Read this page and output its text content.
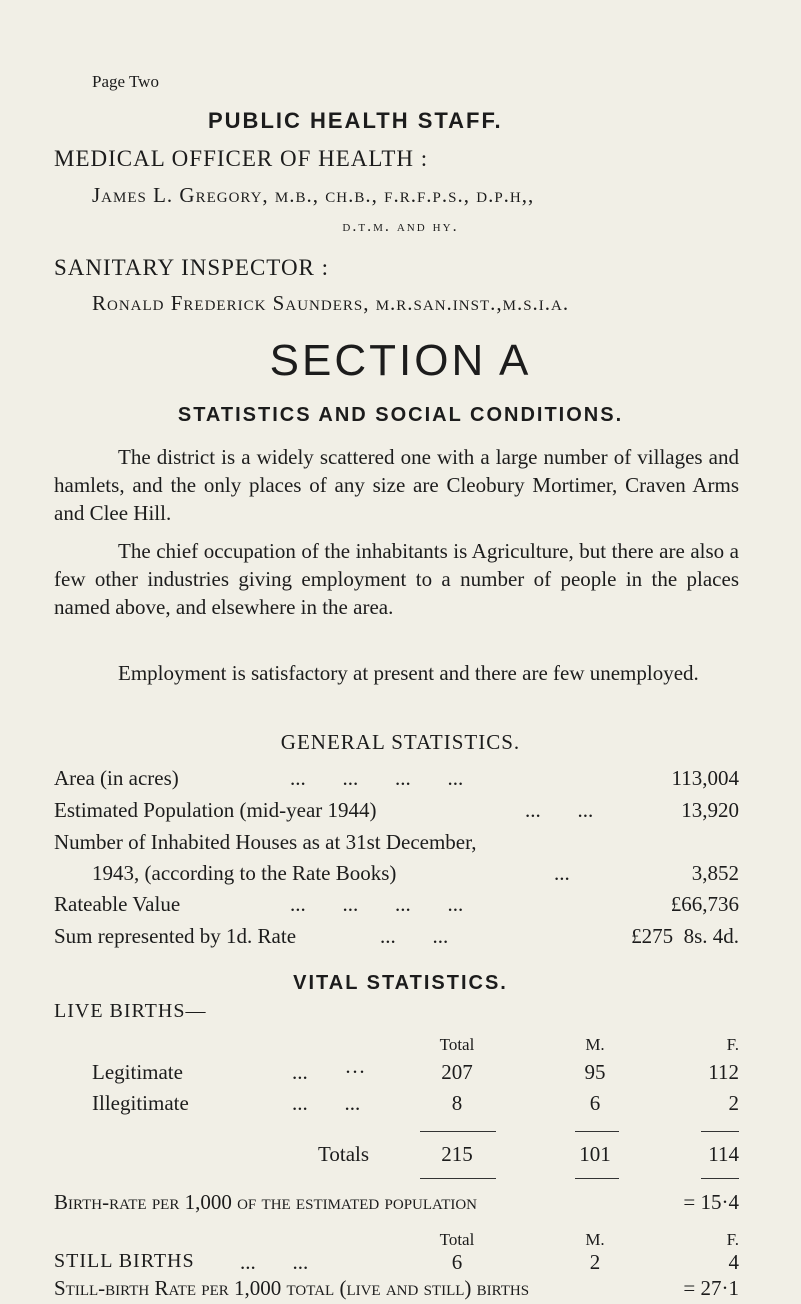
Page Two
PUBLIC HEALTH STAFF.
MEDICAL OFFICER OF HEALTH :
James L. Gregory, m.b., ch.b., f.r.f.p.s., d.p.h,,
d.t.m. and hy.
SANITARY INSPECTOR :
Ronald Frederick Saunders, m.r.san.inst.,m.s.i.a.
SECTION A
STATISTICS AND SOCIAL CONDITIONS.

The district is a widely scattered one with a large number of villages and hamlets, and the only places of any size are Cleobury Mortimer, Craven Arms and Clee Hill.

The chief occupation of the inhabitants is Agriculture, but there are also a few other industries giving employment to a number of people in the places named above, and elsewhere in the area.

Employment is satisfactory at present and there are few unemployed.

GENERAL STATISTICS.
Area (in acres)	...       ...       ...       ...	113,004
Estimated Population (mid-year 1944)	...       ...	13,920
Number of Inhabited Houses as at 31st December,
1943, (according to the Rate Books)	...	3,852
Rateable Value	...       ...       ...       ...	£66,736
Sum represented by 1d. Rate	...       ...	£275  8s. 4d.
VITAL STATISTICS.
LIVE BIRTHS—
Total	M.	F.
Legitimate	...       ···	207	95	112
Illegitimate	...       ...	8	6	2
Totals	215	101	114
Birth-rate per 1,000 of the estimated population	= 15·4
Total	M.	F.
STILL BIRTHS ...       ...	6	2	4
Still-birth Rate per 1,000 total (live and still) births	= 27·1
